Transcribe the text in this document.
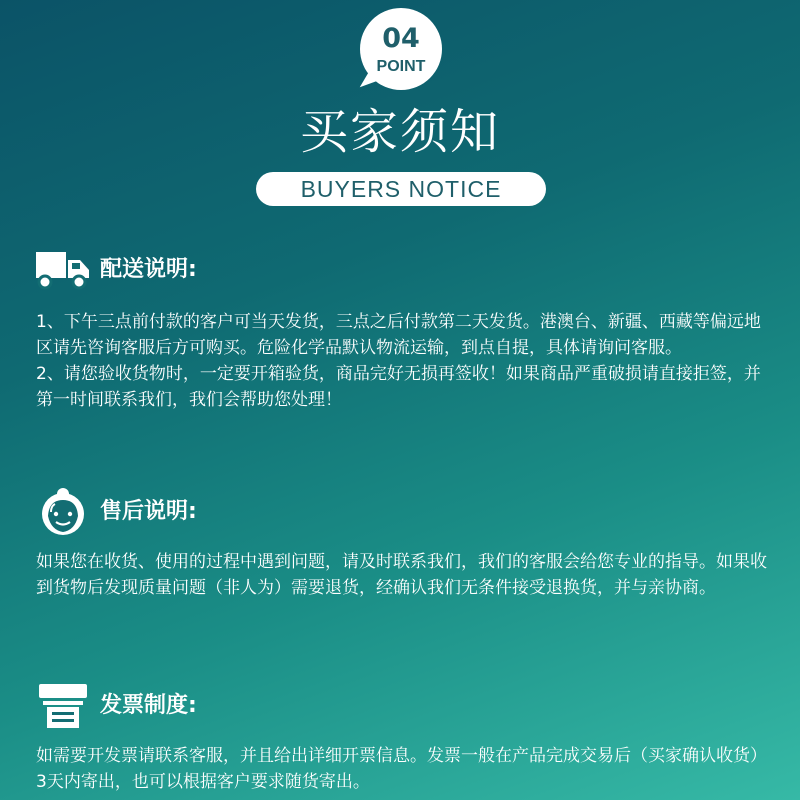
04
POINT
买家须知
BUYERS NOTICE
配送说明:

1、下午三点前付款的客户可当天发货，三点之后付款第二天发货。港澳台、新疆、西藏等偏远地区请先咨询客服后方可购买。危险化学品默认物流运输，到点自提，具体请询问客服。

2、请您验收货物时，一定要开箱验货，商品完好无损再签收！如果商品严重破损请直接拒签，并第一时间联系我们，我们会帮助您处理！

售后说明:

如果您在收货、使用的过程中遇到问题，请及时联系我们，我们的客服会给您专业的指导。如果收到货物后发现质量问题（非人为）需要退货，经确认我们无条件接受退换货，并与亲协商。

发票制度:

如需要开发票请联系客服，并且给出详细开票信息。发票一般在产品完成交易后（买家确认收货）3天内寄出，也可以根据客户要求随货寄出。
